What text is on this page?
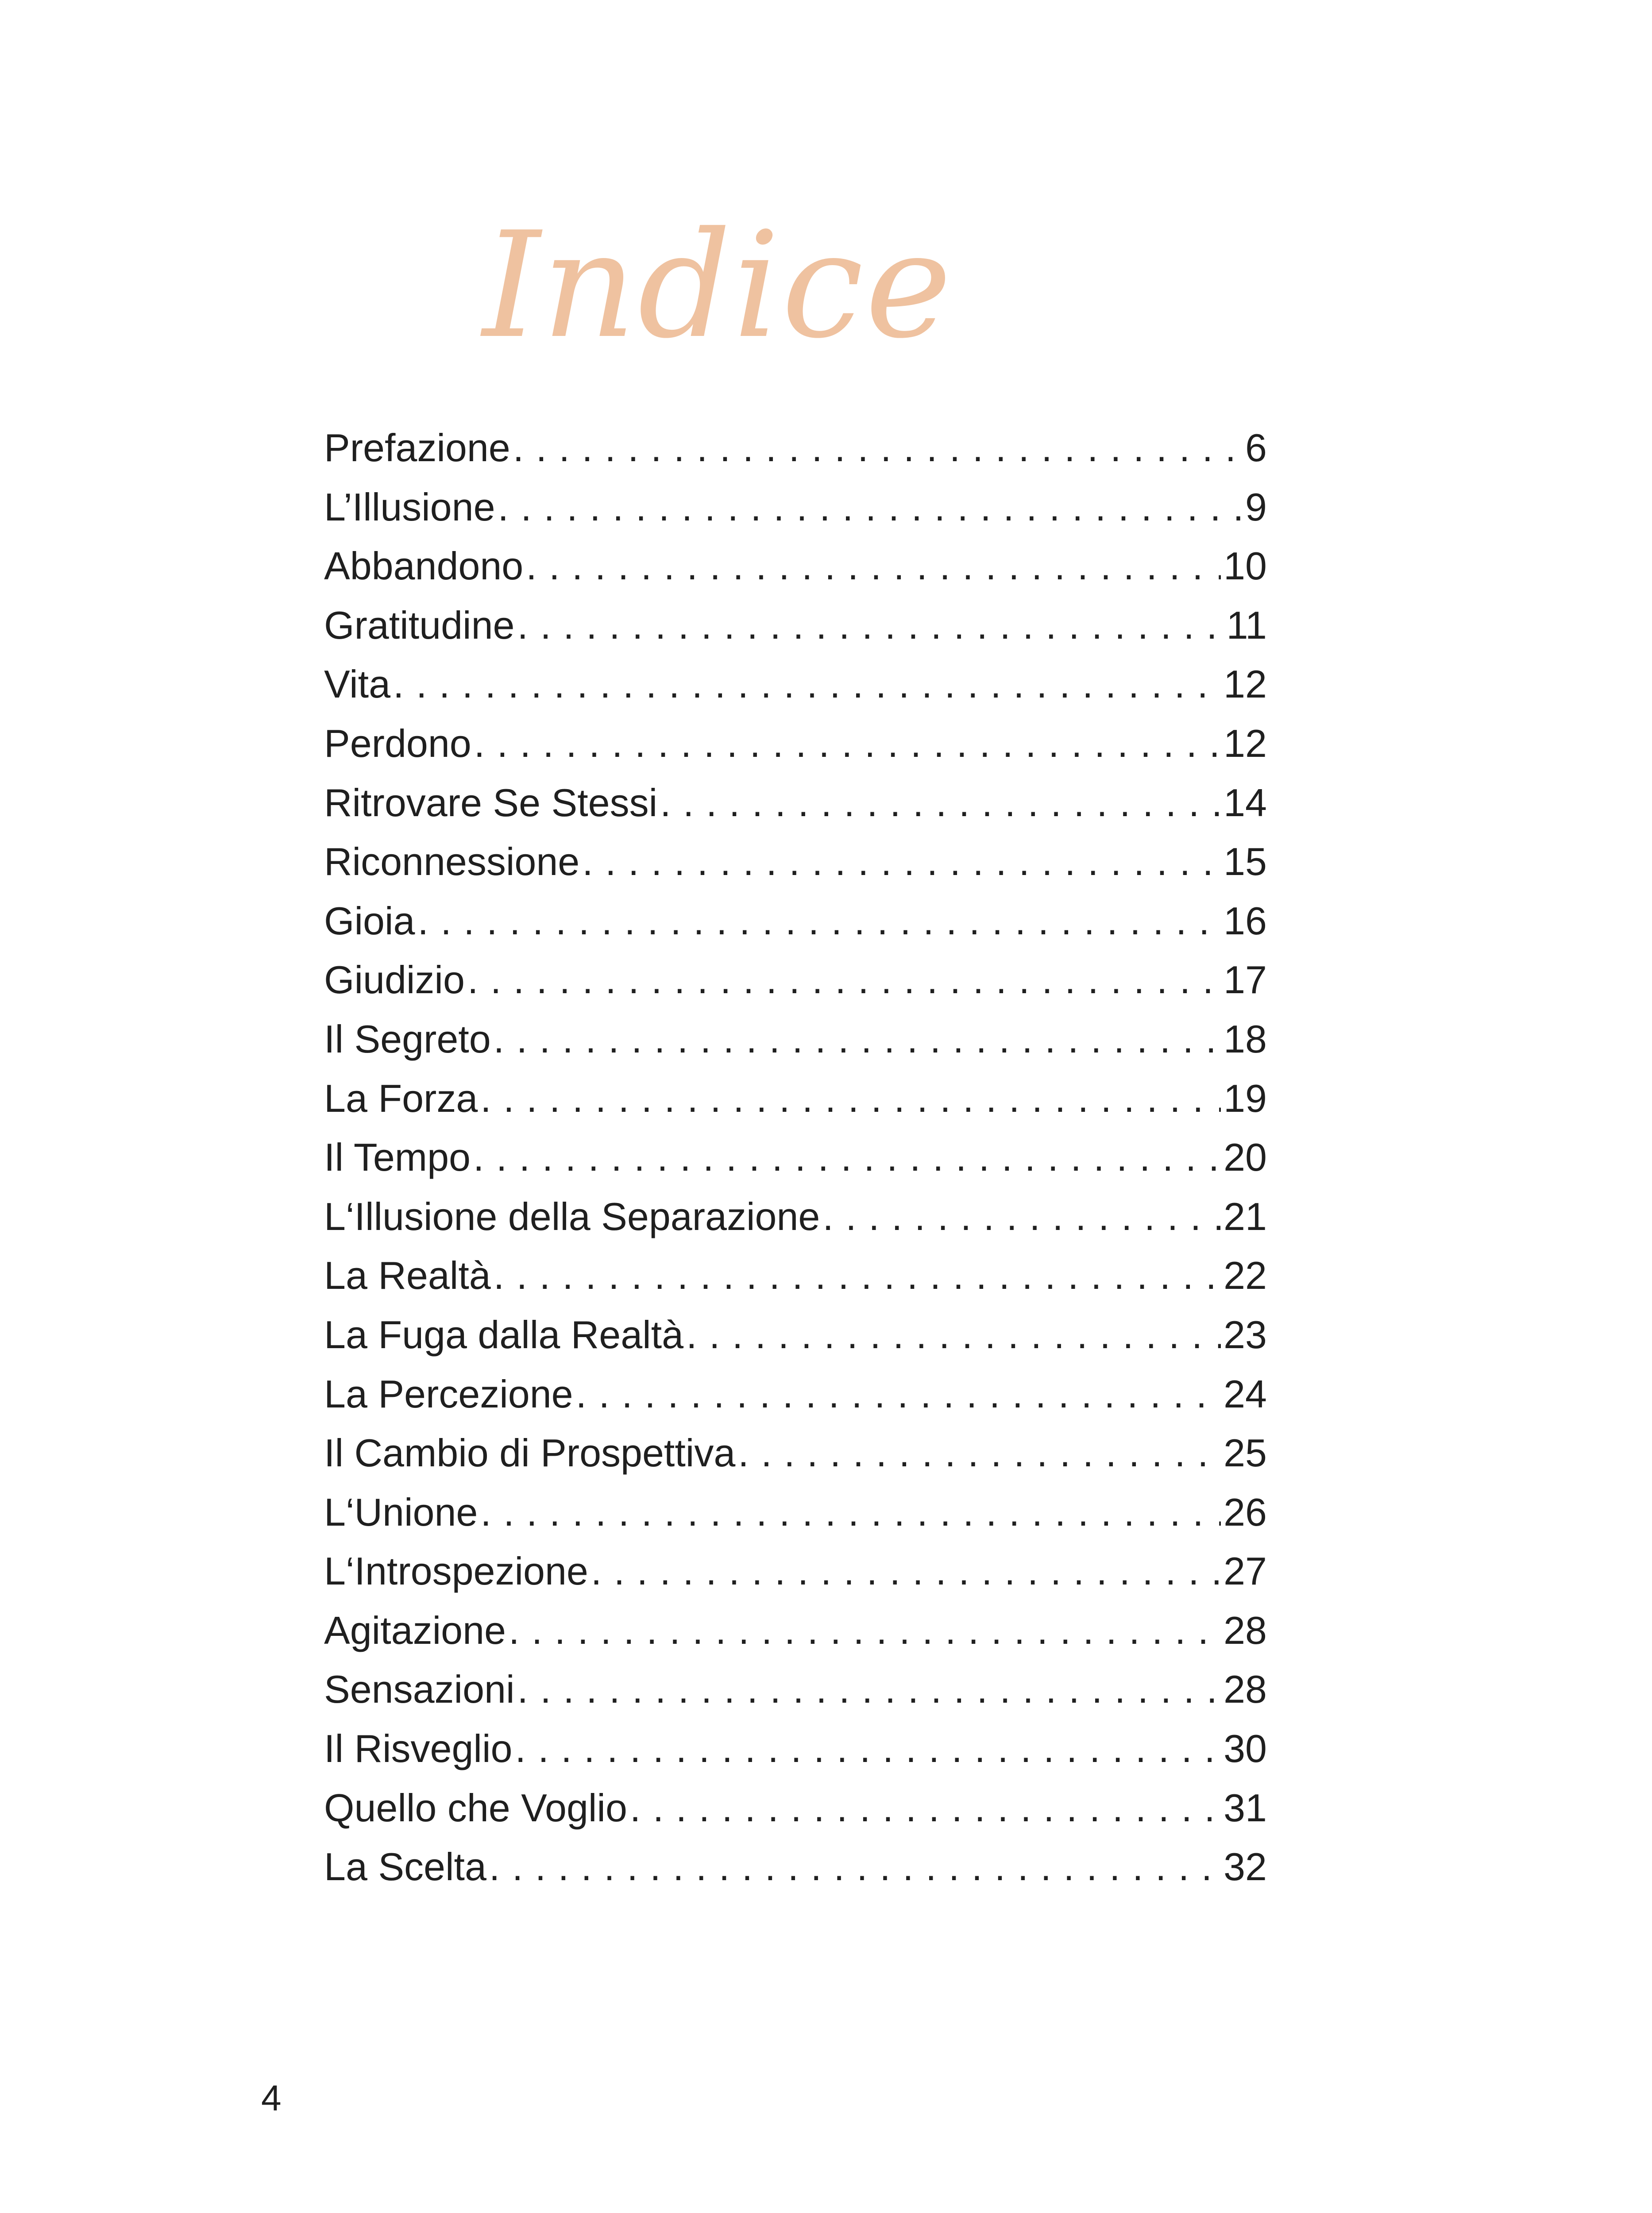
Indice
Prefazione . . .	6
L’Illusione . . .	9
Abbandono . . .	10
Gratitudine . . .	11
Vita . . .	12
Perdono . . .	12
Ritrovare Se Stessi . . .	14
Riconnessione . . .	15
Gioia . . .	16
Giudizio . . .	17
Il Segreto . . .	18
La Forza . . .	19
Il Tempo . . .	20
L‘Illusione della Separazione . . .	21
La Realtà . . .	22
La Fuga dalla Realtà . . .	23
La Percezione . . .	24
Il Cambio di Prospettiva . . .	25
L‘Unione . . .	26
L‘Introspezione . . .	27
Agitazione . . .	28
Sensazioni . . .	28
Il Risveglio . . .	30
Quello che Voglio . . .	31
La Scelta . . .	32
4
